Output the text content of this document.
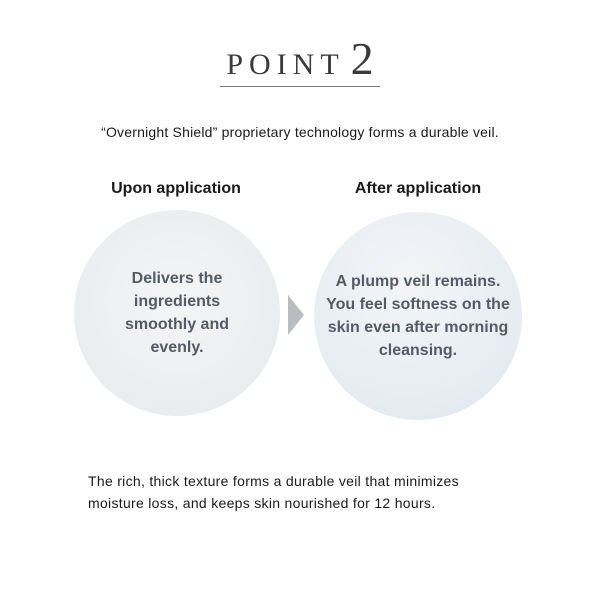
POINT 2
“Overnight Shield” proprietary technology forms a durable veil.
Upon application	After application
Delivers the ingredients smoothly and evenly.
A plump veil remains. You feel softness on the skin even after morning cleansing.
The rich, thick texture forms a durable veil that minimizes
moisture loss, and keeps skin nourished for 12 hours.
